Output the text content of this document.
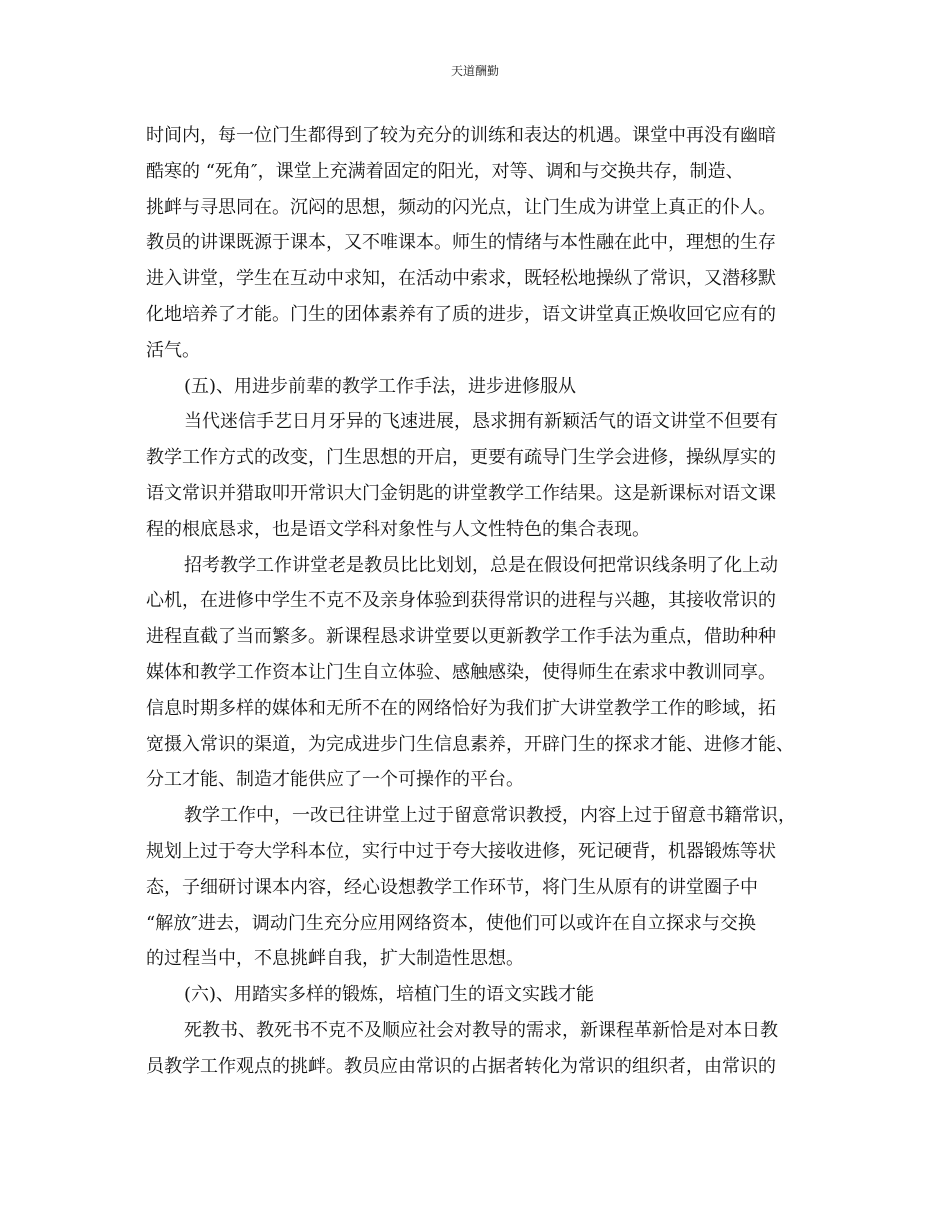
天道酬勤
时间内，每一位门生都得到了较为充分的训练和表达的机遇。课堂中再没有幽暗
酷寒的 “死角″，课堂上充满着固定的阳光，对等、调和与交换共存，制造、
挑衅与寻思同在。沉闷的思想，频动的闪光点，让门生成为讲堂上真正的仆人。
教员的讲课既源于课本，又不唯课本。师生的情绪与本性融在此中，理想的生存
进入讲堂，学生在互动中求知，在活动中索求，既轻松地操纵了常识，又潜移默
化地培养了才能。门生的团体素养有了质的进步，语文讲堂真正焕收回它应有的
活气。
(五)、用进步前辈的教学工作手法，进步进修服从
当代迷信手艺日月牙异的飞速进展，恳求拥有新颖活气的语文讲堂不但要有
教学工作方式的改变，门生思想的开启，更要有疏导门生学会进修，操纵厚实的
语文常识并猎取叩开常识大门金钥匙的讲堂教学工作结果。这是新课标对语文课
程的根底恳求，也是语文学科对象性与人文性特色的集合表现。
招考教学工作讲堂老是教员比比划划，总是在假设何把常识线条明了化上动
心机，在进修中学生不克不及亲身体验到获得常识的进程与兴趣，其接收常识的
进程直截了当而繁多。新课程恳求讲堂要以更新教学工作手法为重点，借助种种
媒体和教学工作资本让门生自立体验、感触感染，使得师生在索求中教训同享。
信息时期多样的媒体和无所不在的网络恰好为我们扩大讲堂教学工作的畛域，拓
宽摄入常识的渠道，为完成进步门生信息素养，开辟门生的探求才能、进修才能、
分工才能、制造才能供应了一个可操作的平台。
教学工作中，一改已往讲堂上过于留意常识教授，内容上过于留意书籍常识，
规划上过于夸大学科本位，实行中过于夸大接收进修，死记硬背，机器锻炼等状
态，子细研讨课本内容，经心设想教学工作环节，将门生从原有的讲堂圈子中
“解放″进去，调动门生充分应用网络资本，使他们可以或许在自立探求与交换
的过程当中，不息挑衅自我，扩大制造性思想。
(六)、用踏实多样的锻炼，培植门生的语文实践才能
死教书、教死书不克不及顺应社会对教导的需求，新课程革新恰是对本日教
员教学工作观点的挑衅。教员应由常识的占据者转化为常识的组织者，由常识的
